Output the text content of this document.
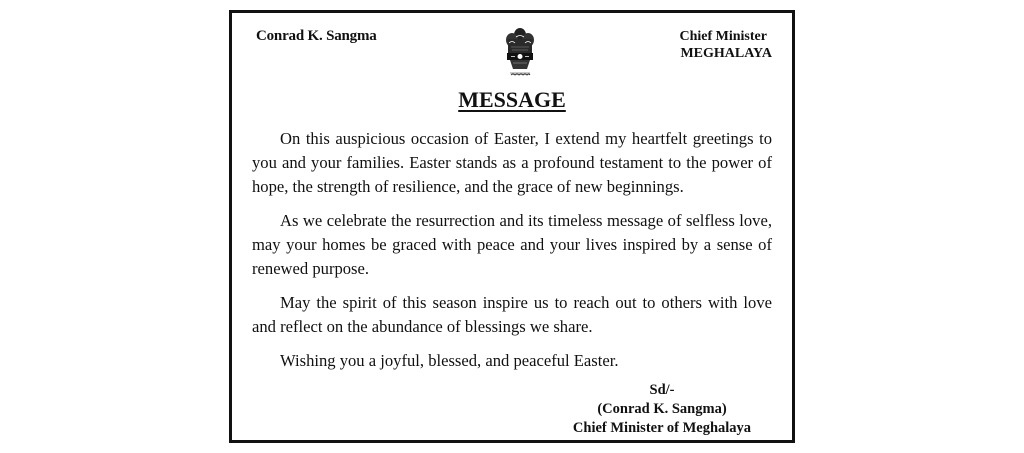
Conrad K. Sangma	Chief Minister
MEGHALAYA
MESSAGE

On this auspicious occasion of Easter, I extend my heartfelt greetings to you and your families. Easter stands as a profound testament to the power of hope, the strength of resilience, and the grace of new beginnings.

As we celebrate the resurrection and its timeless message of selfless love, may your homes be graced with peace and your lives inspired by a sense of renewed purpose.

May the spirit of this season inspire us to reach out to others with love and reflect on the abundance of blessings we share.

Wishing you a joyful, blessed, and peaceful Easter.

Sd/-
(Conrad K. Sangma)
Chief Minister of Meghalaya
